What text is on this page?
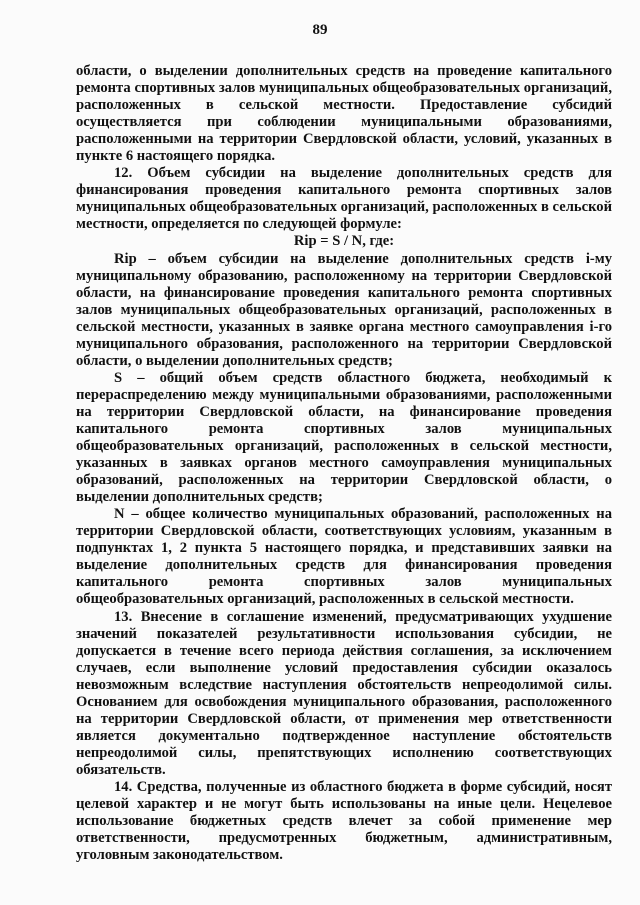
89

области, о выделении дополнительных средств на проведение капитального ремонта спортивных залов муниципальных общеобразовательных организаций, расположенных в сельской местности. Предоставление субсидий осуществляется при соблюдении муниципальными образованиями, расположенными на территории Свердловской области, условий, указанных в пункте 6 настоящего порядка.

12. Объем субсидии на выделение дополнительных средств для финансирования проведения капитального ремонта спортивных залов муниципальных общеобразовательных организаций, расположенных в сельской местности, определяется по следующей формуле:

Rip = S / N, где:

Rip – объем субсидии на выделение дополнительных средств i-му муниципальному образованию, расположенному на территории Свердловской области, на финансирование проведения капитального ремонта спортивных залов муниципальных общеобразовательных организаций, расположенных в сельской местности, указанных в заявке органа местного самоуправления i-го муниципального образования, расположенного на территории Свердловской области, о выделении дополнительных средств;

S – общий объем средств областного бюджета, необходимый к перераспределению между муниципальными образованиями, расположенными на территории Свердловской области, на финансирование проведения капитального ремонта спортивных залов муниципальных общеобразовательных организаций, расположенных в сельской местности, указанных в заявках органов местного самоуправления муниципальных образований, расположенных на территории Свердловской области, о выделении дополнительных средств;

N – общее количество муниципальных образований, расположенных на территории Свердловской области, соответствующих условиям, указанным в подпунктах 1, 2 пункта 5 настоящего порядка, и представивших заявки на выделение дополнительных средств для финансирования проведения капитального ремонта спортивных залов муниципальных общеобразовательных организаций, расположенных в сельской местности.

13. Внесение в соглашение изменений, предусматривающих ухудшение значений показателей результативности использования субсидии, не допускается в течение всего периода действия соглашения, за исключением случаев, если выполнение условий предоставления субсидии оказалось невозможным вследствие наступления обстоятельств непреодолимой силы. Основанием для освобождения муниципального образования, расположенного на территории Свердловской области, от применения мер ответственности является документально подтвержденное наступление обстоятельств непреодолимой силы, препятствующих исполнению соответствующих обязательств.

14. Средства, полученные из областного бюджета в форме субсидий, носят целевой характер и не могут быть использованы на иные цели. Нецелевое использование бюджетных средств влечет за собой применение мер ответственности, предусмотренных бюджетным, административным, уголовным законодательством.
